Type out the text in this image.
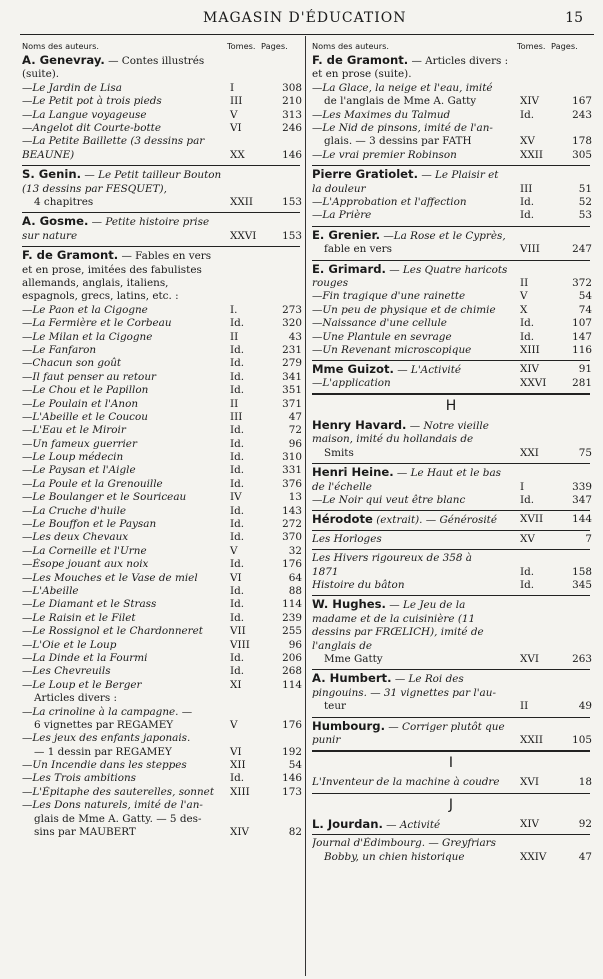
MAGASIN D'ÉDUCATION	15
Noms des auteurs.	Tomes. Pages.
A. Genevray. — Contes illustrés (suite).
—Le Jardin de Lisa	I	308
—Le Petit pot à trois pieds	III	210
—La Langue voyageuse	V	313
—Angelot dit Courte-botte	VI	246
—La Petite Baillette (3 dessins par
BEAUNE)	XX	146
S. Genin. — Le Petit tailleur Bouton (13 dessins par FESQUET),
4 chapitres	XXII	153
A. Gosme. — Petite histoire prise
sur nature	XXVI	153
F. de Gramont. — Fables en vers et en prose, imitées des fabulistes allemands, anglais, italiens, espagnols, grecs, latins, etc. :
—Le Paon et la Cigogne	I.	273
—La Fermière et le Corbeau	Id.	320
—Le Milan et la Cigogne	II	43
—Le Fanfaron	Id.	231
—Chacun son goût	Id.	279
—Il faut penser au retour	Id.	341
—Le Chou et le Papillon	Id.	351
—Le Poulain et l'Anon	II	371
—L'Abeille et le Coucou	III	47
—L'Eau et le Miroir	Id.	72
—Un fameux guerrier	Id.	96
—Le Loup médecin	Id.	310
—Le Paysan et l'Aigle	Id.	331
—La Poule et la Grenouille	Id.	376
—Le Boulanger et le Souriceau	IV	13
—La Cruche d'huile	Id.	143
—Le Bouffon et le Paysan	Id.	272
—Les deux Chevaux	Id.	370
—La Corneille et l'Urne	V	32
—Ésope jouant aux noix	Id.	176
—Les Mouches et le Vase de miel	VI	64
—L'Abeille	Id.	88
—Le Diamant et le Strass	Id.	114
—Le Raisin et le Filet	Id.	239
—Le Rossignol et le Chardonneret	VII	255
—L'Oie et le Loup	VIII	96
—La Dinde et la Fourmi	Id.	206
—Les Chevreuils	Id.	268
—Le Loup et le Berger	XI	114
Articles divers :
—La crinoline à la campagne. —
6 vignettes par REGAMEY	V	176
—Les jeux des enfants japonais.
— 1 dessin par REGAMEY	VI	192
—Un Incendie dans les steppes	XII	54
—Les Trois ambitions	Id.	146
—L'Épitaphe des sauterelles, sonnet	XIII	173
—Les Dons naturels, imité de l'an-
glais de Mme A. Gatty. — 5 des-
sins par MAUBERT	XIV	82
Noms des auteurs.	Tomes. Pages.
F. de Gramont. — Articles divers : et en prose (suite).
—La Glace, la neige et l'eau, imité
de l'anglais de Mme A. Gatty	XIV	167
—Les Maximes du Talmud	Id.	243
—Le Nid de pinsons, imité de l'an-
glais. — 3 dessins par FATH	XV	178
—Le vrai premier Robinson	XXII	305
Pierre Gratiolet. — Le Plaisir et
la douleur	III	51
—L'Approbation et l'affection	Id.	52
—La Prière	Id.	53
E. Grenier. —La Rose et le Cyprès,
fable en vers	VIII	247
E. Grimard. — Les Quatre haricots
rouges	II	372
—Fin tragique d'une rainette	V	54
—Un peu de physique et de chimie	X	74
—Naissance d'une cellule	Id.	107
—Une Plantule en sevrage	Id.	147
—Un Revenant microscopique	XIII	116
Mme Guizot. — L'Activité	XIV	91
—L'application	XXVI	281
H
Henry Havard. — Notre vieille maison, imité du hollandais de
Smits	XXI	75
Henri Heine. — Le Haut et le bas
de l'échelle	I	339
—Le Noir qui veut être blanc	Id.	347
Hérodote (extrait). — Générosité	XVII	144
Les Horloges	XV	7
Les Hivers rigoureux de 358 à
1871	Id.	158
Histoire du bâton	Id.	345
W. Hughes. — Le Jeu de la madame et de la cuisinière (11 dessins par FRŒLICH), imité de l'anglais de
Mme Gatty	XVI	263
A. Humbert. — Le Roi des pingouins. — 31 vignettes par l'au-
teur	II	49
Humbourg. — Corriger plutôt que
punir	XXII	105
I
L'Inventeur de la machine à coudre	XVI	18
J
L. Jourdan. — Activité	XIV	92
Journal d'Édimbourg. — Greyfriars
Bobby, un chien historique	XXIV	47
